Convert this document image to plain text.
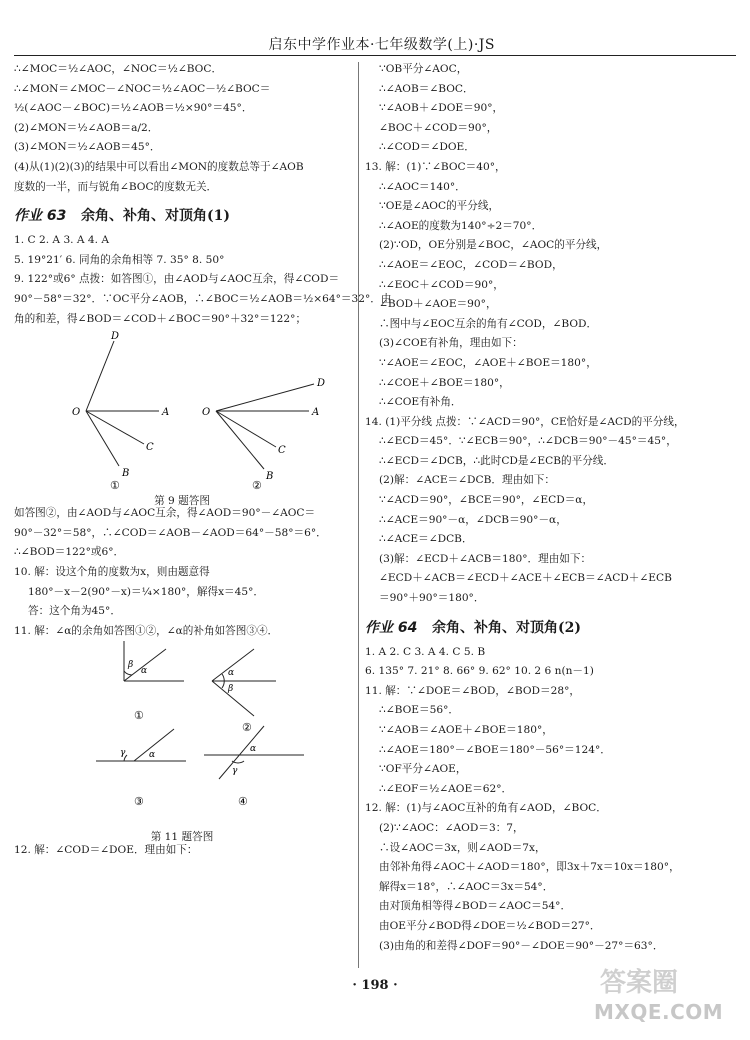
启东中学作业本·七年级数学(上)·JS
∴∠MOC＝½∠AOC，∠NOC＝½∠BOC．
∴∠MON＝∠MOC－∠NOC＝½∠AOC－½∠BOC＝
½(∠AOC－∠BOC)＝½∠AOB＝½×90°＝45°．
(2)∠MON＝½∠AOB＝a/2．
(3)∠MON＝½∠AOB＝45°．
(4)从(1)(2)(3)的结果中可以看出∠MON的度数总等于∠AOB
度数的一半，而与锐角∠BOC的度数无关．
作业 63 余角、补角、对顶角(1)
1. C 2. A 3. A 4. A
5. 19°21′ 6. 同角的余角相等 7. 35° 8. 50°
9. 122°或6° 点拨：如答图①，由∠AOD与∠AOC互余，得∠COD＝
90°－58°＝32°．∵OC平分∠AOB，∴∠BOC＝½∠AOB＝½×64°＝32°．由
角的和差，得∠BOD＝∠COD＋∠BOC＝90°＋32°＝122°；
D
O	A
C
B
O
D
A
C
B
①	②
第 9 题答图
如答图②，由∠AOD与∠AOC互余，得∠AOD＝90°－∠AOC＝
90°－32°＝58°，∴∠COD＝∠AOB－∠AOD＝64°－58°＝6°．
∴∠BOD＝122°或6°．
10. 解：设这个角的度数为x，则由题意得
180°－x－2(90°－x)＝¼×180°，解得x＝45°．
答：这个角为45°．
11. 解：∠α的余角如答图①②，∠α的补角如答图③④．
β
α	α
β
γ	α
α
γ
①
②
③	④
第 11 题答图
12. 解：∠COD＝∠DOE．理由如下：
∵OB平分∠AOC，
∴∠AOB＝∠BOC．
∵∠AOB＋∠DOE＝90°，
∠BOC＋∠COD＝90°，
∴∠COD＝∠DOE．
13. 解：(1)∵∠BOC＝40°，
∴∠AOC＝140°．
∵OE是∠AOC的平分线，
∴∠AOE的度数为140°÷2＝70°．
(2)∵OD，OE分别是∠BOC，∠AOC的平分线，
∴∠AOE＝∠EOC，∠COD＝∠BOD，
∴∠EOC＋∠COD＝90°，
∠BOD＋∠AOE＝90°，
∴图中与∠EOC互余的角有∠COD，∠BOD．
(3)∠COE有补角，理由如下：
∵∠AOE＝∠EOC，∠AOE＋∠BOE＝180°，
∴∠COE＋∠BOE＝180°，
∴∠COE有补角．
14. (1)平分线 点拨：∵∠ACD＝90°，CE恰好是∠ACD的平分线，
∴∠ECD＝45°．∵∠ECB＝90°，∴∠DCB＝90°－45°＝45°，
∴∠ECD＝∠DCB，∴此时CD是∠ECB的平分线．
(2)解：∠ACE＝∠DCB．理由如下：
∵∠ACD＝90°，∠BCE＝90°，∠ECD＝α，
∴∠ACE＝90°－α，∠DCB＝90°－α，
∴∠ACE＝∠DCB．
(3)解：∠ECD＋∠ACB＝180°．理由如下：
∠ECD＋∠ACB＝∠ECD＋∠ACE＋∠ECB＝∠ACD＋∠ECB
＝90°＋90°＝180°．
作业 64 余角、补角、对顶角(2)
1. A 2. C 3. A 4. C 5. B
6. 135° 7. 21° 8. 66° 9. 62° 10. 2 6 n(n－1)
11. 解：∵∠DOE＝∠BOD，∠BOD＝28°，
∴∠BOE＝56°．
∵∠AOB＝∠AOE＋∠BOE＝180°，
∴∠AOE＝180°－∠BOE＝180°－56°＝124°．
∵OF平分∠AOE，
∴∠EOF＝½∠AOE＝62°．
12. 解：(1)与∠AOC互补的角有∠AOD，∠BOC．
(2)∵∠AOC：∠AOD＝3：7，
∴设∠AOC＝3x，则∠AOD＝7x，
由邻补角得∠AOC＋∠AOD＝180°，即3x＋7x＝10x＝180°，
解得x＝18°，∴∠AOC＝3x＝54°．
由对顶角相等得∠BOD＝∠AOC＝54°．
由OE平分∠BOD得∠DOE＝½∠BOD＝27°．
(3)由角的和差得∠DOF＝90°－∠DOE＝90°－27°＝63°．
· 198 ·	答案圈
MXQE.COM
